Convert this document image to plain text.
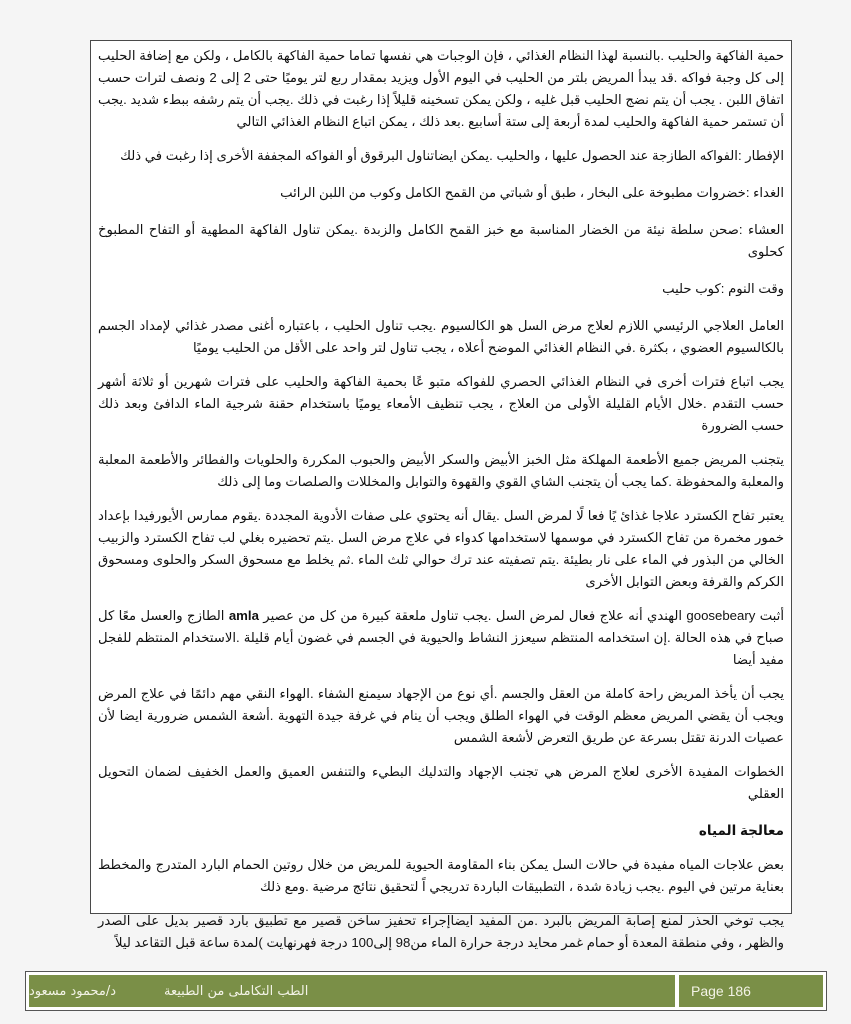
حمية الفاكهة والحليب .بالنسبة لهذا النظام الغذائي ، فإن الوجبات هي نفسها تماما حمية الفاكهة بالكامل ، ولكن مع إضافة الحليب إلى كل وجبة فواكه .قد يبدأ المريض بلتر من الحليب في اليوم الأول ويزيد بمقدار ربع لتر يوميًا حتى 2 إلى 2 ونصف لترات حسب اتفاق اللبن . يجب أن يتم نضج الحليب قبل غليه ، ولكن يمكن تسخينه قليلاً إذا رغبت في ذلك .يجب أن يتم رشفه ببطء شديد .يجب أن تستمر حمية الفاكهة والحليب لمدة أربعة إلى ستة أسابيع .بعد ذلك ، يمكن اتباع النظام الغذائي التالي

الإفطار :الفواكه الطازجة عند الحصول عليها ، والحليب .يمكن ايضاتناول البرقوق أو الفواكه المجففة الأخرى إذا رغبت في ذلك

الغداء :خضروات مطبوخة على البخار ، طبق أو شباتي من القمح الكامل وكوب من اللبن الرائب

العشاء :صحن سلطة نيئة من الخضار المناسبة مع خبز القمح الكامل والزبدة .يمكن تناول الفاكهة المطهية أو التفاح المطبوخ كحلوى

وقت النوم :كوب حليب

العامل العلاجي الرئيسي اللازم لعلاج مرض السل هو الكالسيوم .يجب تناول الحليب ، باعتباره أغنى مصدر غذائي لإمداد الجسم بالكالسيوم العضوي ، بكثرة .في النظام الغذائي الموضح أعلاه ، يجب تناول لتر واحد على الأقل من الحليب يوميًا

يجب اتباع فترات أخرى في النظام الغذائي الحصري للفواكه متبو عًا بحمية الفاكهة والحليب على فترات شهرين أو ثلاثة أشهر حسب التقدم .خلال الأيام القليلة الأولى من العلاج ، يجب تنظيف الأمعاء يوميًا باستخدام حقنة شرجية الماء الدافئ وبعد ذلك حسب الضرورة

يتجنب المريض جميع الأطعمة المهلكة مثل الخبز الأبيض والسكر الأبيض والحبوب المكررة والحلويات والفطائر والأطعمة المعلبة والمعلبة والمحفوظة .كما يجب أن يتجنب الشاي القوي والقهوة والتوابل والمخللات والصلصات وما إلى ذلك

يعتبر تفاح الكسترد علاجا غذائ يًا فعا لًا لمرض السل .يقال أنه يحتوي على صفات الأدوية المجددة .يقوم ممارس الأيورفيدا بإعداد خمور مخمرة من تفاح الكسترد في موسمها لاستخدامها كدواء في علاج مرض السل .يتم تحضيره بغلي لب تفاح الكسترد والزبيب الخالي من البذور في الماء على نار بطيئة .يتم تصفيته عند ترك حوالي ثلث الماء .ثم يخلط مع مسحوق السكر والحلوى ومسحوق الكركم والقرفة وبعض التوابل الأخرى

أثبت goosebeary الهندي أنه علاج فعال لمرض السل .يجب تناول ملعقة كبيرة من كل من عصير amla الطازج والعسل معًا كل صباح في هذه الحالة .إن استخدامه المنتظم سيعزز النشاط والحيوية في الجسم في غضون أيام قليلة .الاستخدام المنتظم للفجل مفيد أيضا

يجب أن يأخذ المريض راحة كاملة من العقل والجسم .أي نوع من الإجهاد سيمنع الشفاء .الهواء النقي مهم دائمًا في علاج المرض ويجب أن يقضي المريض معظم الوقت في الهواء الطلق ويجب أن ينام في غرفة جيدة التهوية .أشعة الشمس ضرورية ايضا لأن عصيات الدرنة تقتل بسرعة عن طريق التعرض لأشعة الشمس

الخطوات المفيدة الأخرى لعلاج المرض هي تجنب الإجهاد والتدليك البطيء والتنفس العميق والعمل الخفيف لضمان التحويل العقلي

معالجة المياه

بعض علاجات المياه مفيدة في حالات السل يمكن بناء المقاومة الحيوية للمريض من خلال روتين الحمام البارد المتدرج والمخطط بعناية مرتين في اليوم .يجب زيادة شدة ، التطبيقات الباردة تدريجي اً لتحقيق نتائج مرضية .ومع ذلك

يجب توخي الحذر لمنع إصابة المريض بالبرد .من المفيد ايضاإجراء تحفيز ساخن قصير مع تطبيق بارد قصير بديل على الصدر والظهر ، وفي منطقة المعدة أو حمام غمر محايد درجة حرارة الماء من98 إلى100 درجة فهرنهايت )لمدة ساعة قبل التقاعد ليلاً

الطب التكاملى من الطبيعة
د/محمود مسعود	Page 186
